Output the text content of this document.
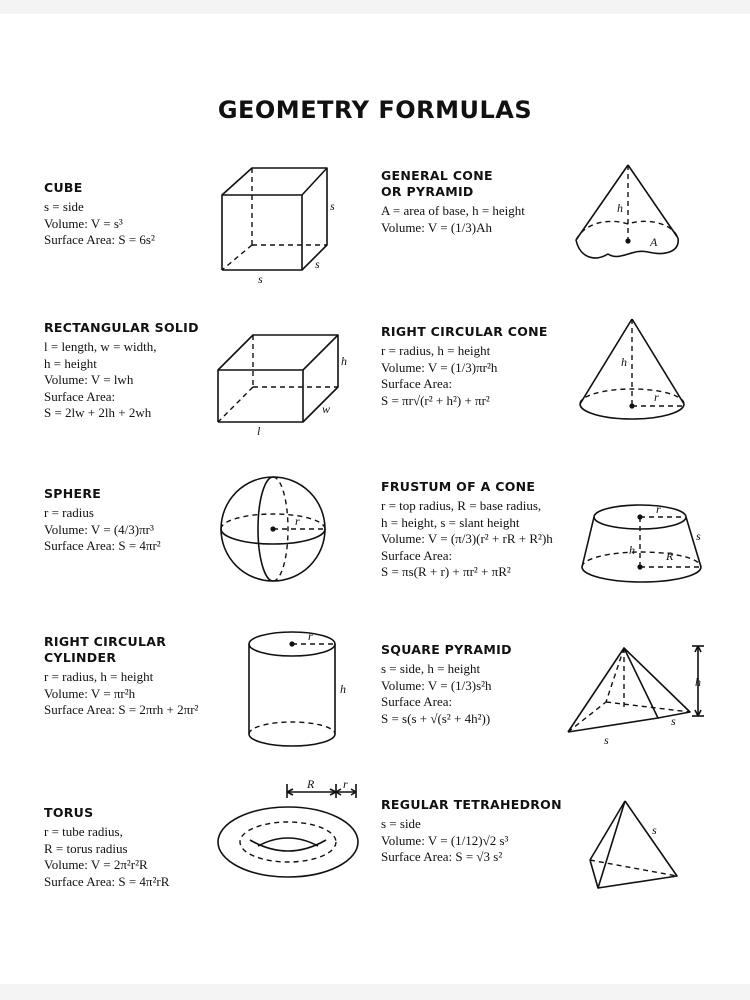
GEOMETRY FORMULAS
CUBE
s = side
Volume: V = s³
Surface Area: S = 6s²
RECTANGULAR SOLID
l = length, w = width,
h = height
Volume: V = lwh
Surface Area:
S = 2lw + 2lh + 2wh
SPHERE
r = radius
Volume: V = (4/3)πr³
Surface Area: S = 4πr²
RIGHT CIRCULAR
CYLINDER
r = radius, h = height
Volume: V = πr²h
Surface Area: S = 2πrh + 2πr²
TORUS
r = tube radius,
R = torus radius
Volume: V = 2π²r²R
Surface Area: S = 4π²rR
GENERAL CONE
OR PYRAMID
A = area of base, h = height
Volume: V = (1/3)Ah
RIGHT CIRCULAR CONE
r = radius, h = height
Volume: V = (1/3)πr²h
Surface Area:
S = πr√(r² + h²) + πr²
FRUSTUM OF A CONE
r = top radius, R = base radius,
h = height, s = slant height
Volume: V = (π/3)(r² + rR + R²)h
Surface Area:
S = πs(R + r) + πr² + πR²
SQUARE PYRAMID
s = side, h = height
Volume: V = (1/3)s²h
Surface Area:
S = s(s + √(s² + 4h²))
REGULAR TETRAHEDRON
s = side
Volume: V = (1/12)√2 s³
Surface Area: S = √3 s²
s
s
s
h
w
l
r
r
h
R r
h
A
h
r
r
h	R
s
h
s
s
s
